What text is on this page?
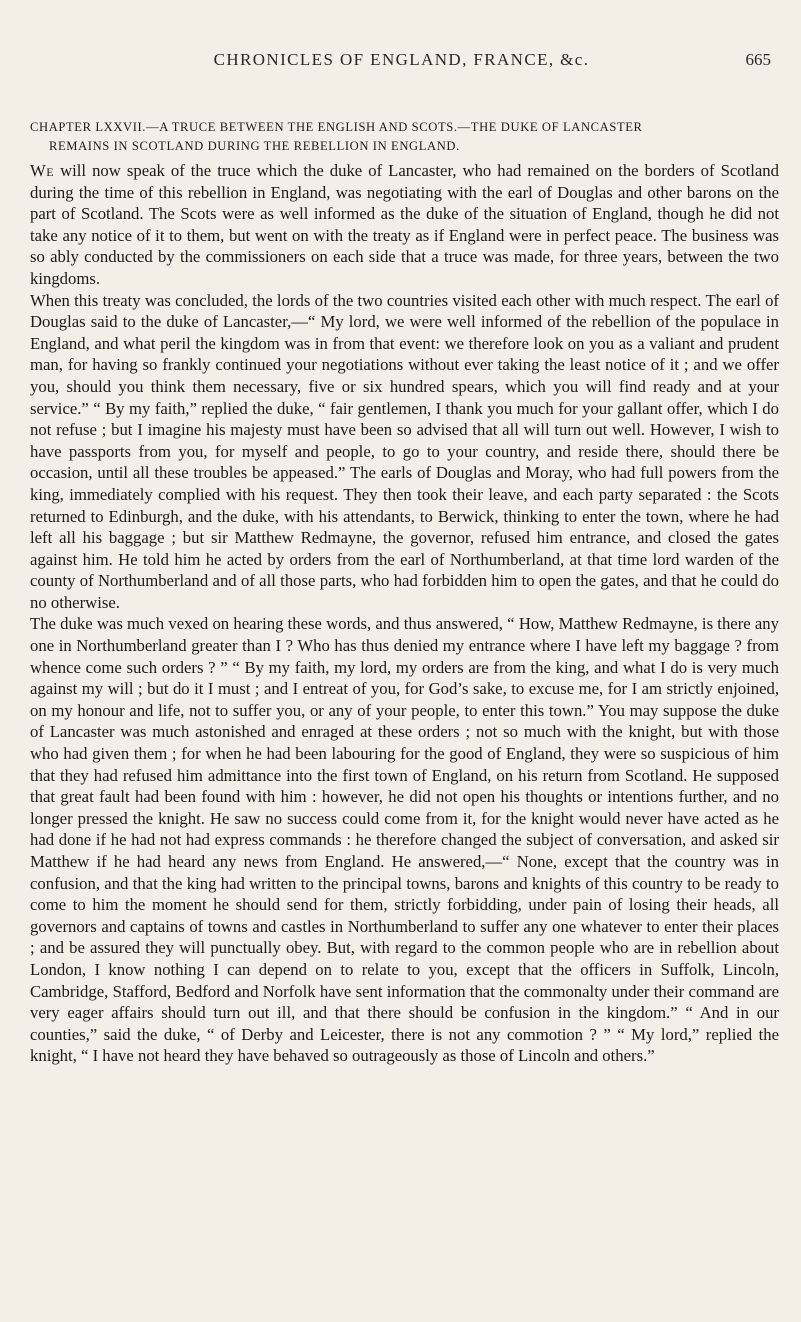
CHRONICLES OF ENGLAND, FRANCE, &c.	665
CHAPTER LXXVII.—A TRUCE BETWEEN THE ENGLISH AND SCOTS.—THE DUKE OF LANCASTER
REMAINS IN SCOTLAND DURING THE REBELLION IN ENGLAND.

We will now speak of the truce which the duke of Lancaster, who had remained on the borders of Scotland during the time of this rebellion in England, was negotiating with the earl of Douglas and other barons on the part of Scotland. The Scots were as well informed as the duke of the situation of England, though he did not take any notice of it to them, but went on with the treaty as if England were in perfect peace. The business was so ably conducted by the commissioners on each side that a truce was made, for three years, between the two kingdoms.

When this treaty was concluded, the lords of the two countries visited each other with much respect. The earl of Douglas said to the duke of Lancaster,—“ My lord, we were well informed of the rebellion of the populace in England, and what peril the kingdom was in from that event: we therefore look on you as a valiant and prudent man, for having so frankly continued your negotiations without ever taking the least notice of it ; and we offer you, should you think them necessary, five or six hundred spears, which you will find ready and at your service.” “ By my faith,” replied the duke, “ fair gentlemen, I thank you much for your gallant offer, which I do not refuse ; but I imagine his majesty must have been so advised that all will turn out well. However, I wish to have passports from you, for myself and people, to go to your country, and reside there, should there be occasion, until all these troubles be appeased.” The earls of Douglas and Moray, who had full powers from the king, immediately complied with his request. They then took their leave, and each party separated : the Scots returned to Edinburgh, and the duke, with his attendants, to Berwick, thinking to enter the town, where he had left all his baggage ; but sir Matthew Redmayne, the governor, refused him entrance, and closed the gates against him. He told him he acted by orders from the earl of Northumberland, at that time lord warden of the county of Northumberland and of all those parts, who had forbidden him to open the gates, and that he could do no otherwise.

The duke was much vexed on hearing these words, and thus answered, “ How, Matthew Redmayne, is there any one in Northumberland greater than I ? Who has thus denied my entrance where I have left my baggage ? from whence come such orders ? ” “ By my faith, my lord, my orders are from the king, and what I do is very much against my will ; but do it I must ; and I entreat of you, for God’s sake, to excuse me, for I am strictly enjoined, on my honour and life, not to suffer you, or any of your people, to enter this town.” You may suppose the duke of Lancaster was much astonished and enraged at these orders ; not so much with the knight, but with those who had given them ; for when he had been labouring for the good of England, they were so suspicious of him that they had refused him admittance into the first town of England, on his return from Scotland. He supposed that great fault had been found with him : however, he did not open his thoughts or intentions further, and no longer pressed the knight. He saw no success could come from it, for the knight would never have acted as he had done if he had not had express commands : he therefore changed the subject of conversation, and asked sir Matthew if he had heard any news from England. He answered,—“ None, except that the country was in confusion, and that the king had written to the principal towns, barons and knights of this country to be ready to come to him the moment he should send for them, strictly forbidding, under pain of losing their heads, all governors and captains of towns and castles in Northumberland to suffer any one whatever to enter their places ; and be assured they will punctually obey. But, with regard to the common people who are in rebellion about London, I know nothing I can depend on to relate to you, except that the officers in Suffolk, Lincoln, Cambridge, Stafford, Bedford and Norfolk have sent information that the commonalty under their command are very eager affairs should turn out ill, and that there should be confusion in the kingdom.” “ And in our counties,” said the duke, “ of Derby and Leicester, there is not any commotion ? ” “ My lord,” replied the knight, “ I have not heard they have behaved so outrageously as those of Lincoln and others.”
